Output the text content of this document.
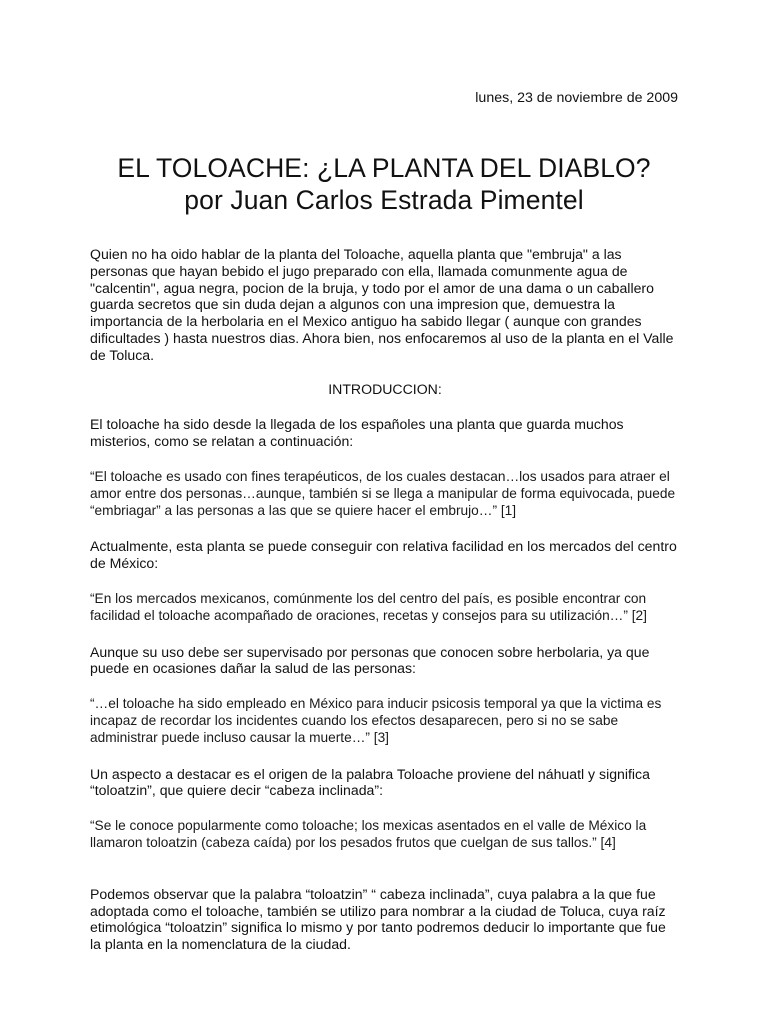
lunes, 23 de noviembre de 2009
EL TOLOACHE: ¿LA PLANTA DEL DIABLO?
por Juan Carlos Estrada Pimentel

Quien no ha oido hablar de la planta del Toloache, aquella planta que "embruja" a las personas que hayan bebido el jugo preparado con ella, llamada comunmente agua de "calcentin", agua negra, pocion de la bruja, y todo por el amor de una dama o un caballero guarda secretos que sin duda dejan a algunos con una impresion que, demuestra la importancia de la herbolaria en el Mexico antiguo ha sabido llegar ( aunque con grandes dificultades ) hasta nuestros dias. Ahora bien, nos enfocaremos al uso de la planta en el Valle de Toluca.

INTRODUCCION:

El toloache ha sido desde la llegada de los españoles una planta que guarda muchos misterios, como se relatan a continuación:

“El toloache es usado con fines terapéuticos, de los cuales destacan…los usados para atraer el amor entre dos personas…aunque, también si se llega a manipular de forma equivocada, puede “embriagar” a las personas a las que se quiere hacer el embrujo…” [1]

Actualmente, esta planta se puede conseguir con relativa facilidad en los mercados del centro de México:

“En los mercados mexicanos, comúnmente los del centro del país, es posible encontrar con facilidad el toloache acompañado de oraciones, recetas y consejos para su utilización…” [2]

Aunque su uso debe ser supervisado por personas que conocen sobre herbolaria, ya que puede en ocasiones dañar la salud de las personas:

“…el toloache ha sido empleado en México para inducir psicosis temporal ya que la victima es incapaz de recordar los incidentes cuando los efectos desaparecen, pero si no se sabe administrar puede incluso causar la muerte…” [3]

Un aspecto a destacar es el origen de la palabra Toloache proviene del náhuatl y significa “toloatzin”, que quiere decir “cabeza inclinada”:

“Se le conoce popularmente como toloache; los mexicas asentados en el valle de México la llamaron toloatzin (cabeza caída) por los pesados frutos que cuelgan de sus tallos.” [4]

Podemos observar que la palabra “toloatzin” “ cabeza inclinada”, cuya palabra a la que fue adoptada como el toloache, también se utilizo para nombrar a la ciudad de Toluca, cuya raíz etimológica “toloatzin” significa lo mismo y por tanto podremos deducir lo importante que fue la planta en la nomenclatura de la ciudad.
